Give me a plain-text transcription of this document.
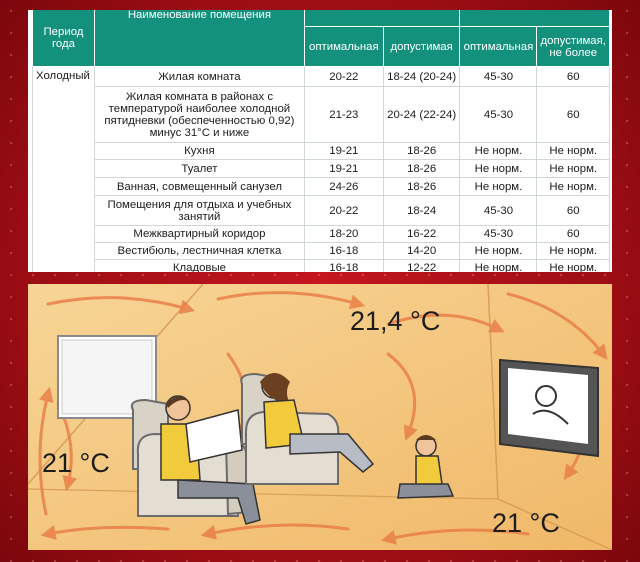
Период года	Наименование помещения				
		оптимальная	допустимая	оптимальная	допустимая, не более
Холодный	Жилая комната	20-22	18-24 (20-24)	45-30	60
	Жилая комната в районах с температурой наиболее холодной пятидневки (обеспеченностью 0,92) минус 31°С и ниже	21-23	20-24 (22-24)	45-30	60
	Кухня	19-21	18-26	Не норм.	Не норм.
	Туалет	19-21	18-26	Не норм.	Не норм.
	Ванная, совмещенный санузел	24-26	18-26	Не норм.	Не норм.
	Помещения для отдыха и учебных занятий	20-22	18-24	45-30	60
	Межквартирный коридор	18-20	16-22	45-30	60
	Вестибюль, лестничная клетка	16-18	14-20	Не норм.	Не норм.
	Кладовые	16-18	12-22	Не норм.	Не норм.
21,4 °С
21 °С
21 °С
